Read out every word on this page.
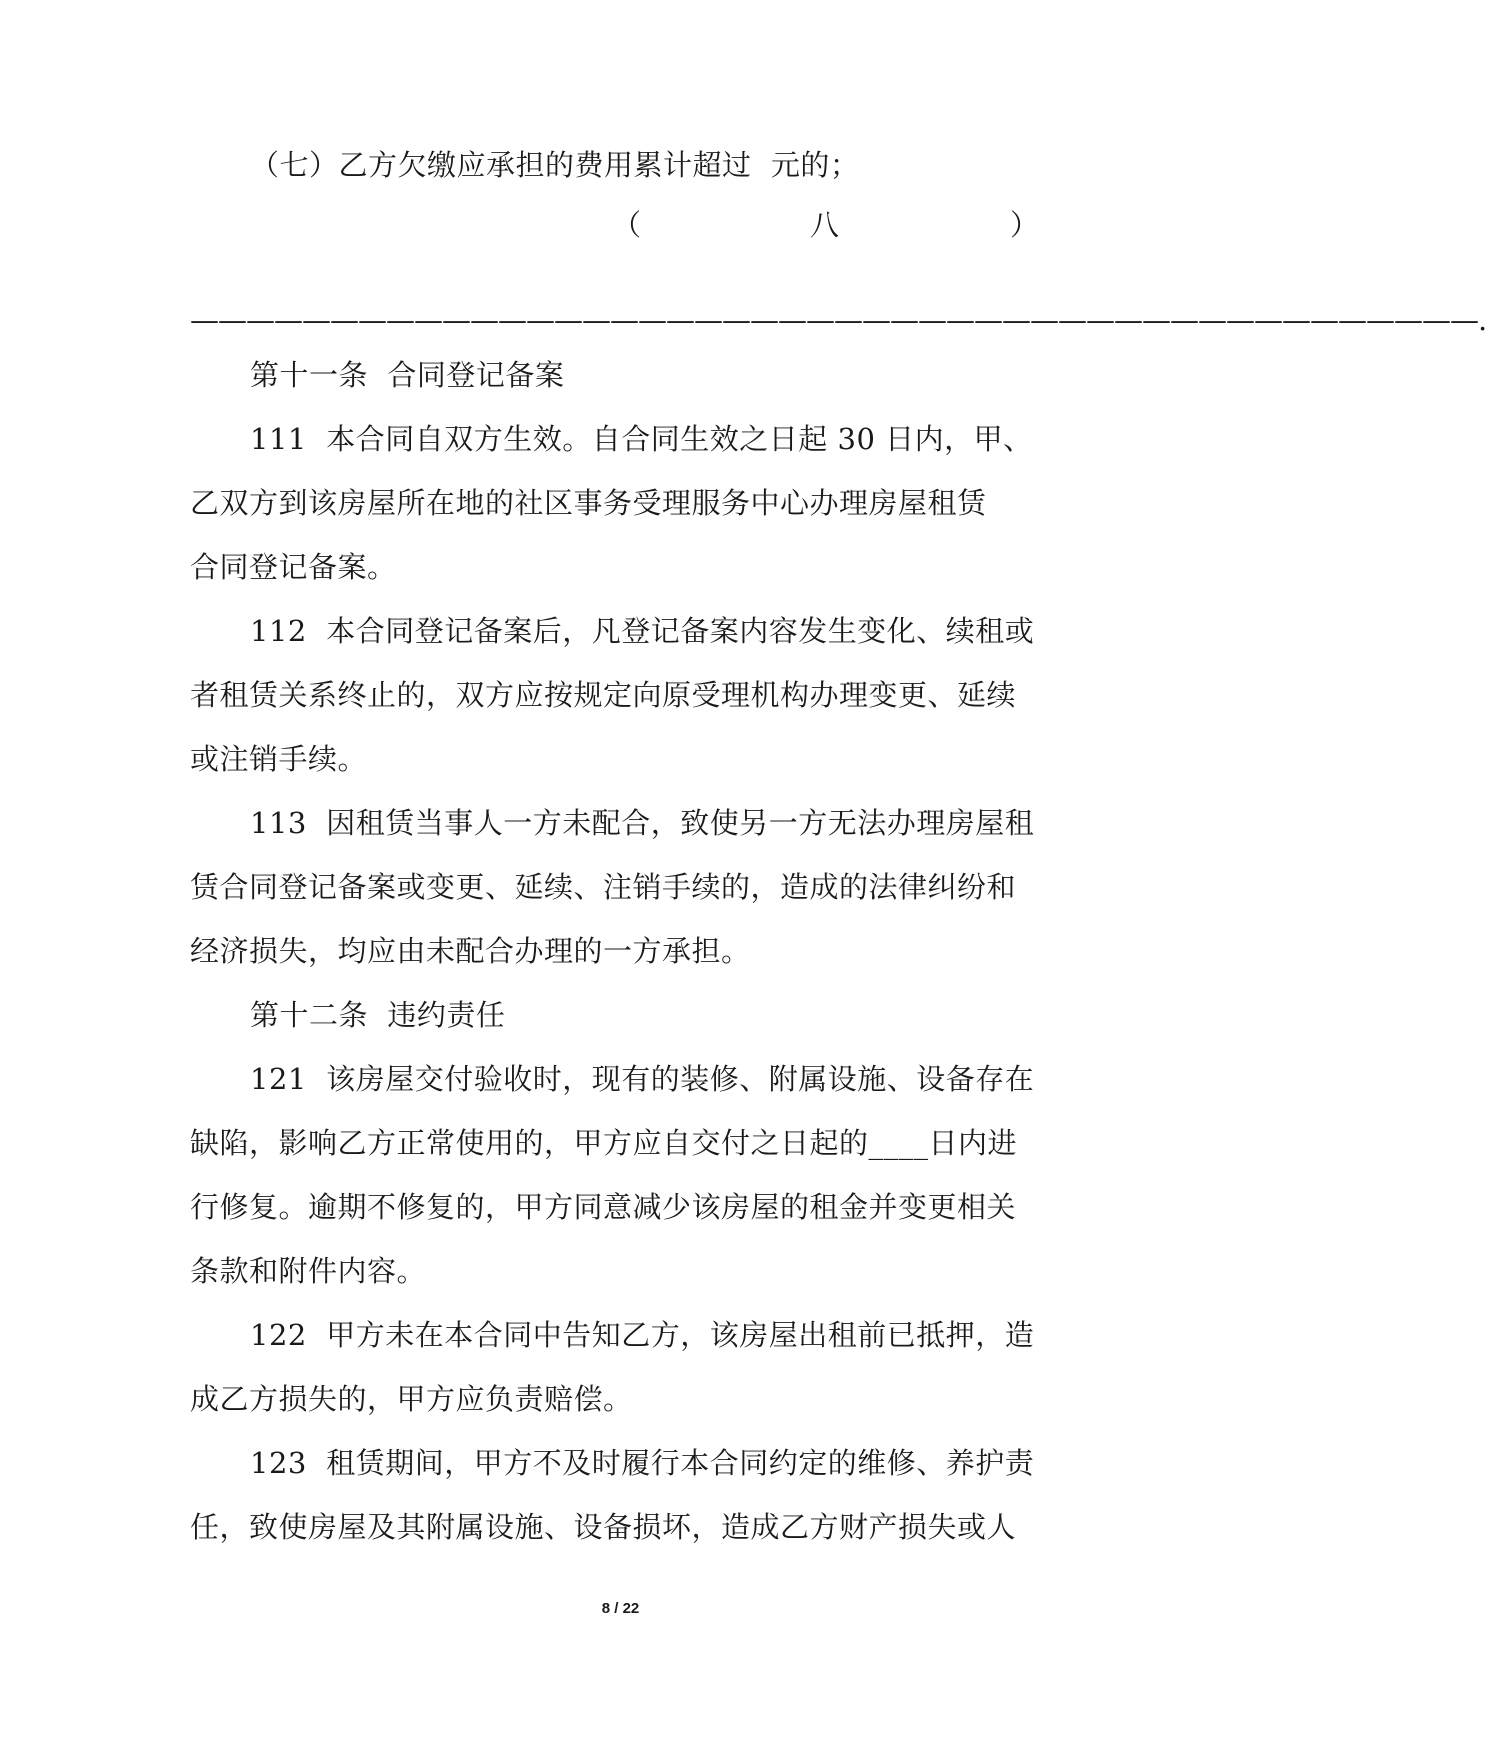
（七）乙方欠缴应承担的费用累计超过  元的；
（	八	）
——————————————————————————————————————————————.
第十一条  合同登记备案
111  本合同自双方生效。自合同生效之日起 30 日内，甲、
乙双方到该房屋所在地的社区事务受理服务中心办理房屋租赁
合同登记备案。
112  本合同登记备案后，凡登记备案内容发生变化、续租或
者租赁关系终止的，双方应按规定向原受理机构办理变更、延续
或注销手续。
113  因租赁当事人一方未配合，致使另一方无法办理房屋租
赁合同登记备案或变更、延续、注销手续的，造成的法律纠纷和
经济损失，均应由未配合办理的一方承担。
第十二条  违约责任
121  该房屋交付验收时，现有的装修、附属设施、设备存在
缺陷，影响乙方正常使用的，甲方应自交付之日起的____日内进
行修复。逾期不修复的，甲方同意减少该房屋的租金并变更相关
条款和附件内容。
122  甲方未在本合同中告知乙方，该房屋出租前已抵押，造
成乙方损失的，甲方应负责赔偿。
123  租赁期间，甲方不及时履行本合同约定的维修、养护责
任，致使房屋及其附属设施、设备损坏，造成乙方财产损失或人
8 / 22
